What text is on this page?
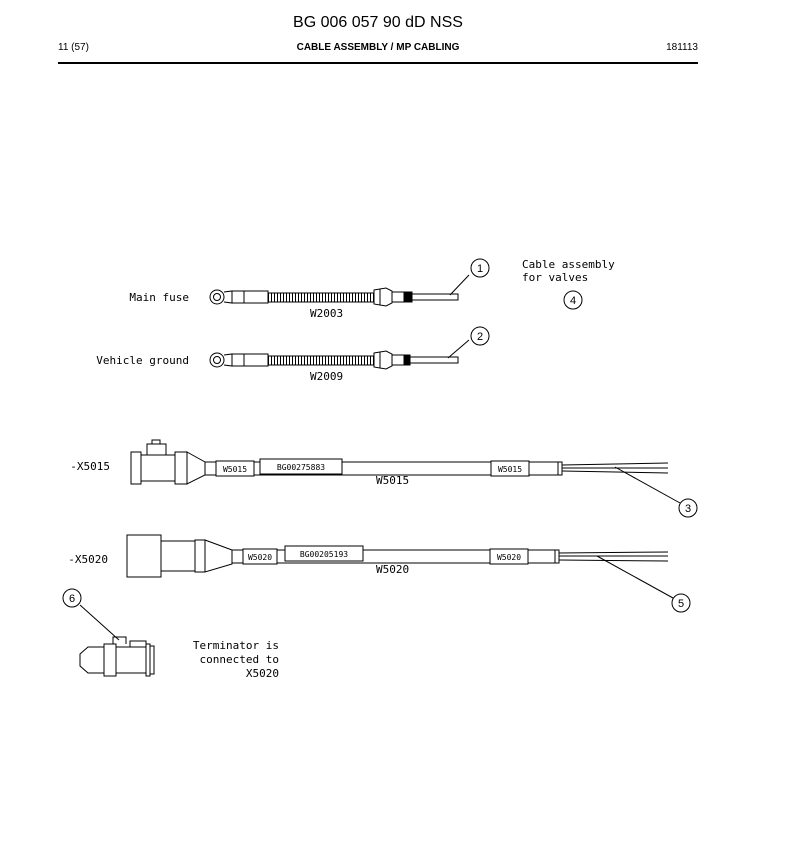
BG 006 057 90 dD NSS
11 (57)	CABLE ASSEMBLY / MP CABLING	181113
Main fuse
Vehicle ground
W2003
W2009
Cable assembly
for valves
-X5015
-X5020
W5015
W5020
Terminator is
connected to
X5020
W5015	BG00275883	W5015
W5020	BG00205193	W5020
1
2
3
4
5
6
